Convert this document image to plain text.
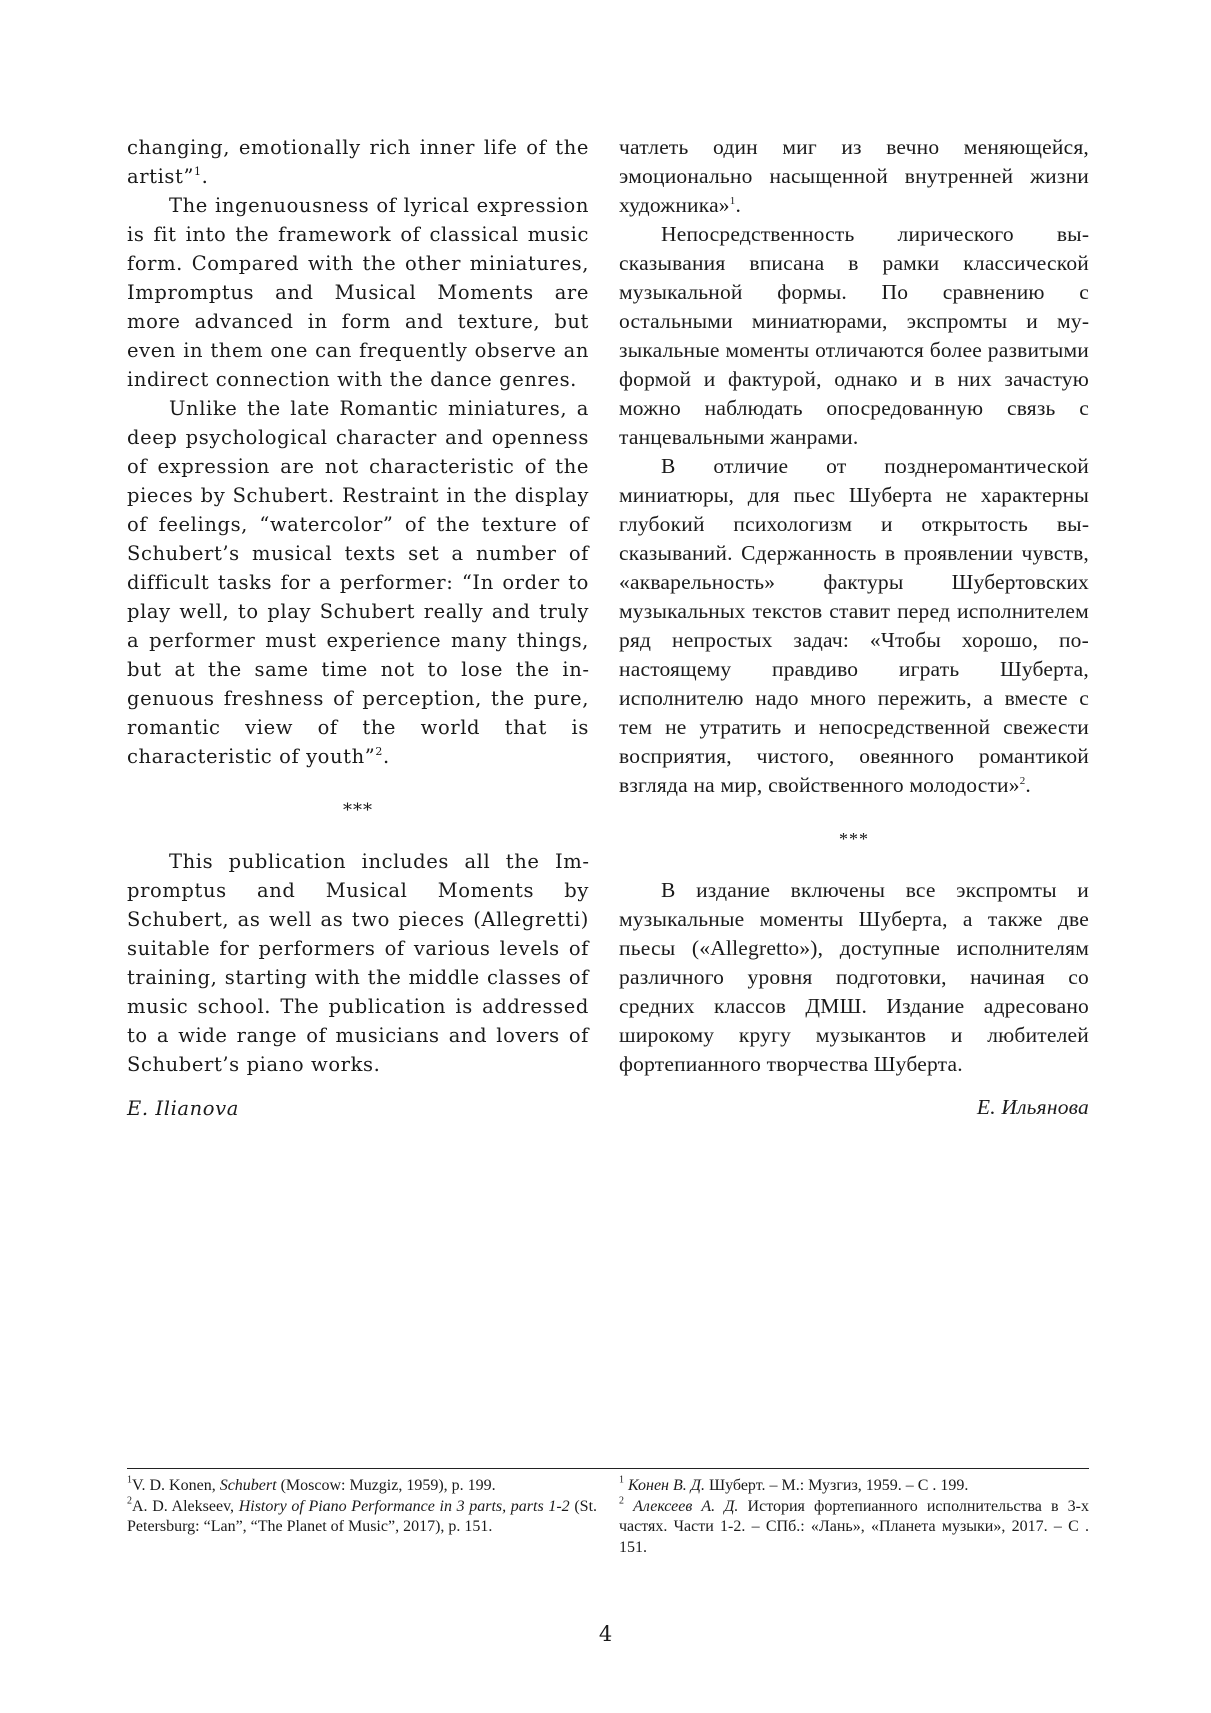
changing, emotionally rich inner life of the artist”$^1$.

The ingenuousness of lyrical expression is fit into the framework of classical music form. Compared with the other miniatures, Impromptus and Musical Moments are more advanced in form and texture, but even in them one can frequently observe an indirect connection with the dance genres.

Unlike the late Romantic miniatures, a deep psychological character and openness of expression are not characteristic of the pieces by Schubert. Restraint in the display of feelings, “watercolor” of the texture of Schubert’s musical texts set a number of difficult tasks for a performer: “In order to play well, to play Schubert really and truly a performer must experience many things, but at the same time not to lose the ingenuous freshness of perception, the pure, romantic view of the world that is characteristic of youth”$^2$.

***

This publication includes all the Impromptus and Musical Moments by Schubert, as well as two pieces (Allegretti) suitable for performers of various levels of training, starting with the middle classes of music school. The publication is addressed to a wide range of musicians and lovers of Schubert’s piano works.

E. Ilianova

чатлеть один миг из вечно меняющейся, эмоционально насыщенной внутренней жизни художника»$^1$.

Непосредственность лирического высказывания вписана в рамки классической музыкальной формы. По сравнению с остальными миниатюрами, экспромты и музыкальные моменты отличаются более развитыми формой и фактурой, однако и в них зачастую можно наблюдать опосредованную связь с танцевальными жанрами.

В отличие от позднеромантической миниатюры, для пьес Шуберта не характерны глубокий психологизм и открытость высказываний. Сдержанность в проявлении чувств, «акварельность» фактуры Шубертовских музыкальных текстов ставит перед исполнителем ряд непростых задач: «Чтобы хорошо, по-настоящему правдиво играть Шуберта, исполнителю надо много пережить, а вместе с тем не утратить и непосредственной свежести восприятия, чистого, овеянного романтикой взгляда на мир, свойственного молодости»$^2$.

***

В издание включены все экспромты и музыкальные моменты Шуберта, а также две пьесы («Allegretto»), доступные исполнителям различного уровня подготовки, начиная со средних классов ДМШ. Издание адресовано широкому кругу музыкантов и любителей фортепианного творчества Шуберта.

Е. Ильянова

$^1$V. D. Konen, Schubert (Moscow: Muzgiz, 1959), p. 199.

$^2$A. D. Alekseev, History of Piano Performance in 3 parts, parts 1-2 (St. Petersburg: “Lan”, “The Planet of Music”, 2017), p. 151.

$^1$ Конен В. Д. Шуберт. – М.: Музгиз, 1959. – С . 199.

$^2$ Алексеев А. Д. История фортепианного исполнительства в 3-х частях. Части 1-2. – СПб.: «Лань», «Планета музыки», 2017. – С . 151.

4
